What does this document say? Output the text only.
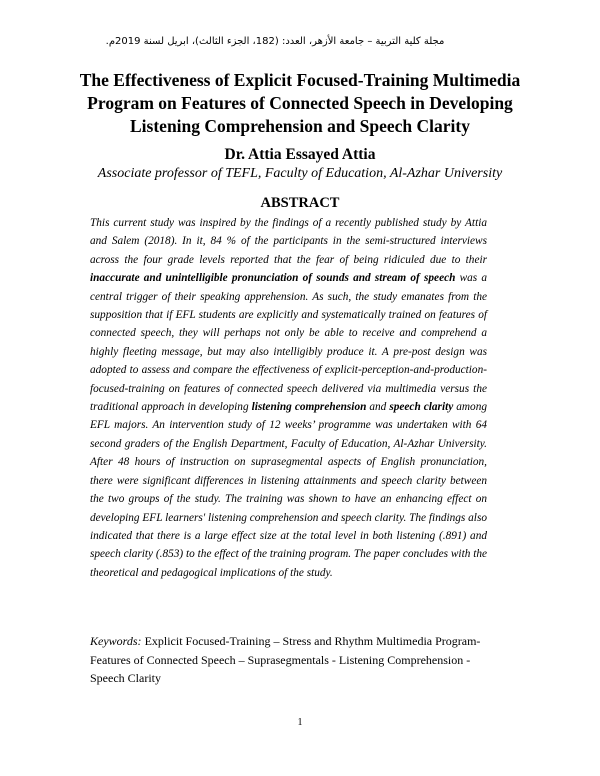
مجلة كلية التربية – جامعة الأزهر، العدد: (182، الجزء الثالث)، ابريل لسنة 2019م.
The Effectiveness of Explicit Focused-Training Multimedia Program on Features of Connected Speech in Developing Listening Comprehension and Speech Clarity
Dr. Attia Essayed Attia
Associate professor of TEFL, Faculty of Education, Al-Azhar University
ABSTRACT

This current study was inspired by the findings of a recently published study by Attia and Salem (2018). In it, 84 % of the participants in the semi-structured interviews across the four grade levels reported that the fear of being ridiculed due to their inaccurate and unintelligible pronunciation of sounds and stream of speech was a central trigger of their speaking apprehension. As such, the study emanates from the supposition that if EFL students are explicitly and systematically trained on features of connected speech, they will perhaps not only be able to receive and comprehend a highly fleeting message, but may also intelligibly produce it. A pre-post design was adopted to assess and compare the effectiveness of explicit-perception-and-production-focused-training on features of connected speech delivered via multimedia versus the traditional approach in developing listening comprehension and speech clarity among EFL majors. An intervention study of 12 weeks’ programme was undertaken with 64 second graders of the English Department, Faculty of Education, Al-Azhar University. After 48 hours of instruction on suprasegmental aspects of English pronunciation, there were significant differences in listening attainments and speech clarity between the two groups of the study. The training was shown to have an enhancing effect on developing EFL learners' listening comprehension and speech clarity. The findings also indicated that there is a large effect size at the total level in both listening (.891) and speech clarity (.853) to the effect of the training program. The paper concludes with the theoretical and pedagogical implications of the study.

Keywords: Explicit Focused-Training – Stress and Rhythm Multimedia Program- Features of Connected Speech – Suprasegmentals - Listening Comprehension - Speech Clarity

1
